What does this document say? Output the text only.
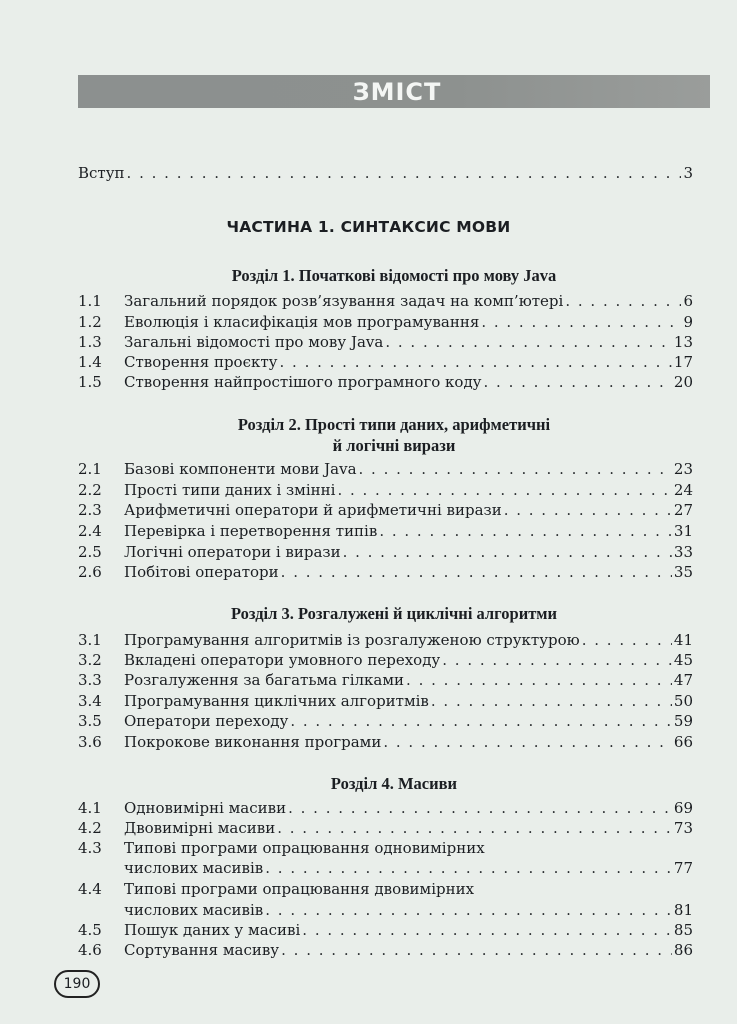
ЗМІСТ
Вступ . . .	3
ЧАСТИНА 1. СИНТАКСИС МОВИ
Розділ 1. Початкові відомості про мову Java
1.1	Загальний порядок розв’язування задач на комп’ютері . . .	6
1.2	Еволюція і класифікація мов програмування . . .	9
1.3	Загальні відомості про мову Java . . .	13
1.4	Створення проєкту . . .	17
1.5	Створення найпростішого програмного коду . . .	20
Розділ 2. Прості типи даних, арифметичні
й логічні вирази
2.1	Базові компоненти мови Java . . .	23
2.2	Прості типи даних і змінні . . .	24
2.3	Арифметичні оператори й арифметичні вирази . . .	27
2.4	Перевірка і перетворення типів . . .	31
2.5	Логічні оператори і вирази . . .	33
2.6	Побітові оператори . . .	35
Розділ 3. Розгалужені й циклічні алгоритми
3.1	Програмування алгоритмів із розгалуженою структурою . . .	41
3.2	Вкладені оператори умовного переходу . . .	45
3.3	Розгалуження за багатьма гілками . . .	47
3.4	Програмування циклічних алгоритмів . . .	50
3.5	Оператори переходу . . .	59
3.6	Покрокове виконання програми . . .	66
Розділ 4. Масиви
4.1	Одновимірні масиви . . .	69
4.2	Двовимірні масиви . . .	73
4.3	Типові програми опрацювання одновимірних
числових масивів . . .	77
4.4	Типові програми опрацювання двовимірних
числових масивів . . .	81
4.5	Пошук даних у масиві . . .	85
4.6	Сортування масиву . . .	86
190
